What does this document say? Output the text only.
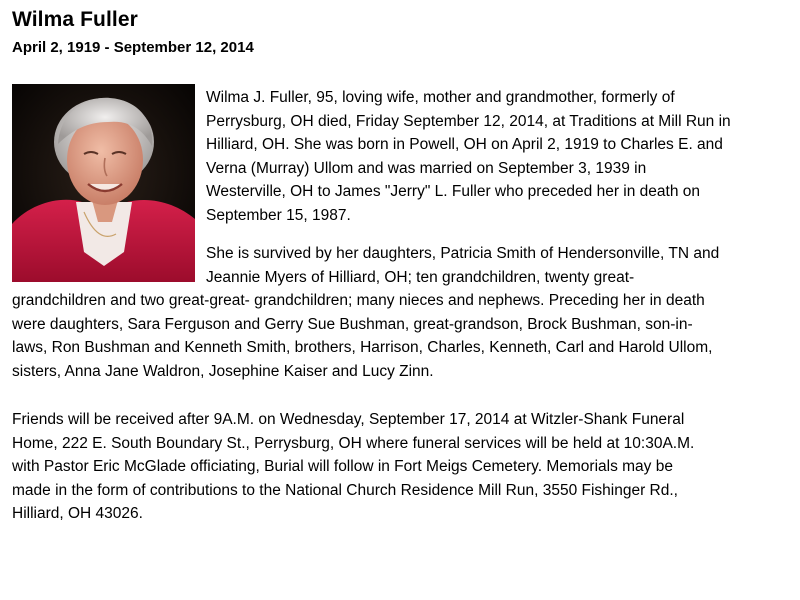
Wilma Fuller
April 2, 1919 - September 12, 2014

Wilma J. Fuller, 95, loving wife, mother and grandmother, formerly of
Perrysburg, OH died, Friday September 12, 2014, at Traditions at Mill Run in
Hilliard, OH. She was born in Powell, OH on April 2, 1919 to Charles E. and
Verna (Murray) Ullom and was married on September 3, 1939 in
Westerville, OH to James "Jerry" L. Fuller who preceded her in death on
September 15, 1987.

She is survived by her daughters, Patricia Smith of Hendersonville, TN and
Jeannie Myers of Hilliard, OH; ten grandchildren, twenty great-
grandchildren and two great-great- grandchildren; many nieces and nephews. Preceding her in death
were daughters, Sara Ferguson and Gerry Sue Bushman, great-grandson, Brock Bushman, son-in-
laws, Ron Bushman and Kenneth Smith, brothers, Harrison, Charles, Kenneth, Carl and Harold Ullom,
sisters, Anna Jane Waldron, Josephine Kaiser and Lucy Zinn.

Friends will be received after 9A.M. on Wednesday, September 17, 2014 at Witzler-Shank Funeral
Home, 222 E. South Boundary St., Perrysburg, OH where funeral services will be held at 10:30A.M.
with Pastor Eric McGlade officiating, Burial will follow in Fort Meigs Cemetery. Memorials may be
made in the form of contributions to the National Church Residence Mill Run, 3550 Fishinger Rd.,
Hilliard, OH 43026.
